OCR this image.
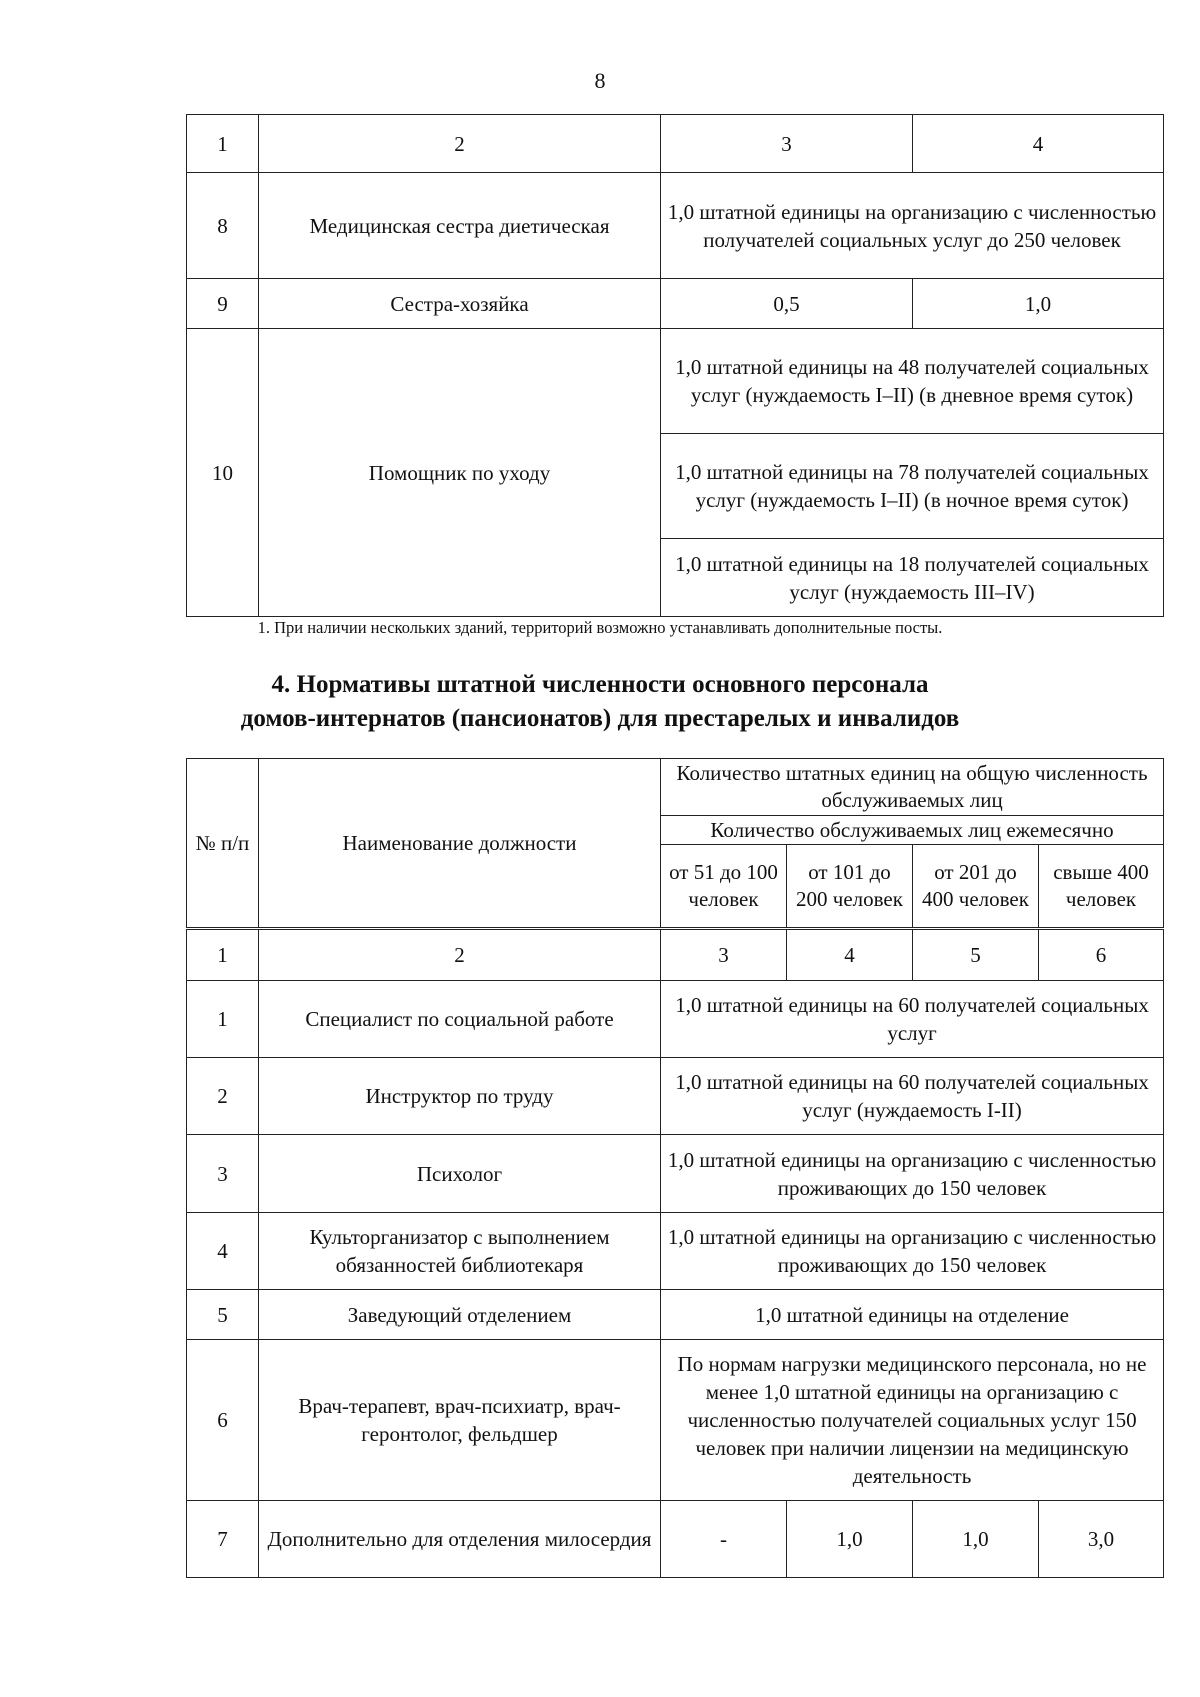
8
1	2	3	4
8	Медицинская сестра диетическая	1,0 штатной единицы на организацию с численностью получателей социальных услуг до 250 человек	
9	Сестра-хозяйка	0,5	1,0
10	Помощник по уходу	1,0 штатной единицы на 48 получателей социальных услуг (нуждаемость I–II) (в дневное время суток)	
		1,0 штатной единицы на 78 получателей социальных услуг (нуждаемость I–II) (в ночное время суток)	
		1,0 штатной единицы на 18 получателей социальных услуг (нуждаемость III–IV)	
1. При наличии нескольких зданий, территорий возможно устанавливать дополнительные посты.
4. Нормативы штатной численности основного персонала
домов-интернатов (пансионатов) для престарелых и инвалидов
№ п/п	Наименование должности	Количество штатных единиц на общую численность обслуживаемых лиц			
		Количество обслуживаемых лиц ежемесячно			
		от 51 до 100 человек	от 101 до 200 человек	от 201 до 400 человек	свыше 400 человек
1	2	3	4	5	6
1	Специалист по социальной работе	1,0 штатной единицы на 60 получателей социальных услуг			
2	Инструктор по труду	1,0 штатной единицы на 60 получателей социальных услуг (нуждаемость I-II)			
3	Психолог	1,0 штатной единицы на организацию с численностью проживающих до 150 человек			
4	Культорганизатор с выполнением обязанностей библиотекаря	1,0 штатной единицы на организацию с численностью проживающих до 150 человек			
5	Заведующий отделением	1,0 штатной единицы на отделение			
6	Врач-терапевт, врач-психиатр, врач-геронтолог, фельдшер	По нормам нагрузки медицинского персонала, но не менее 1,0 штатной единицы на организацию с численностью получателей социальных услуг 150 человек при наличии лицензии на медицинскую деятельность			
7	Дополнительно для отделения милосердия	-	1,0	1,0	3,0
